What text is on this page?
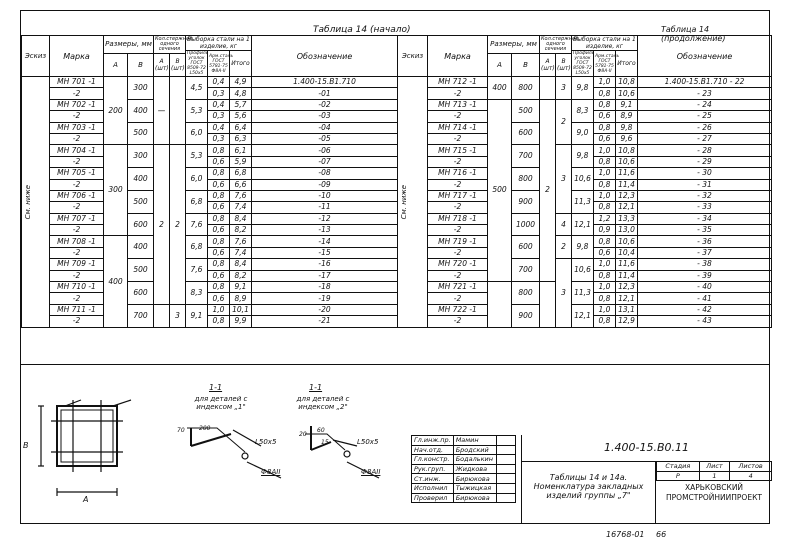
Таблица 14 (начало)	Таблица 14 (продолжение)
Эскиз	Марка	Размеры, мм		Кол.стержней одного сечения		Выборка стали на 1 изделие, кг			Обозначение
						Профиль уголок ГОСТ 8509-72 L50х5	Арм.сталь ГОСТ 5781-75 Ф8А-II	Итого	
		А	В	А (шт)	В (шт)				

См. ниже	МН 701 -1	200	300	—		4,5	0,4	4,9	1.400-15.В1.710
	-2						0,3	4,8	-01
	МН 702 -1		400			5,3	0,4	5,7	-02
	-2						0,3	5,6	-03
	МН 703 -1		500			6,0	0,4	6,4	-04
	-2						0,3	6,3	-05
	МН 704 -1	300	300	2	2	5,3	0,8	6,1	-06
	-2						0,6	5,9	-07
	МН 705 -1		400			6,0	0,8	6,8	-08
	-2						0,6	6,6	-09
	МН 706 -1		500			6,8	0,8	7,6	-10
	-2						0,6	7,4	-11
	МН 707 -1		600			7,6	0,8	8,4	-12
	-2						0,6	8,2	-13
	МН 708 -1	400	400			6,8	0,8	7,6	-14
	-2						0,6	7,4	-15
	МН 709 -1		500			7,6	0,8	8,4	-16
	-2						0,6	8,2	-17
	МН 710 -1		600			8,3	0,8	9,1	-18
	-2						0,6	8,9	-19
	МН 711 -1		700		3	9,1	1,0	10,1	-20
	-2						0,8	9,9	-21
Эскиз	Марка	Размеры, мм		Кол.стержней одного сечения		Выборка стали на 1 изделие, кг			Обозначение
						Профиль уголок ГОСТ 8509-72 L50х5	Арм.сталь ГОСТ 5781-75 Ф8А-II	Итого	
		А	В	А (шт)	В (шт)				

См. ниже	МН 712 -1	400	800		3	9,8	1,0	10,8	1.400-15.В1.710 - 22
	-2						0,8	10,6	- 23
	МН 713 -1	500	500	2	2	8,3	0,8	9,1	- 24
	-2						0,6	8,9	- 25
	МН 714 -1		600			9,0	0,8	9,8	- 26
	-2						0,6	9,6	- 27
	МН 715 -1		700		3	9,8	1,0	10,8	- 28
	-2						0,8	10,6	- 29
	МН 716 -1		800			10,6	1,0	11,6	- 30
	-2						0,8	11,4	- 31
	МН 717 -1		900			11,3	1,0	12,3	- 32
	-2						0,8	12,1	- 33
	МН 718 -1		1000		4	12,1	1,2	13,3	- 34
	-2						0,9	13,0	- 35
	МН 719 -1		600		2	9,8	0,8	10,6	- 36
	-2						0,6	10,4	- 37
	МН 720 -1		700		3	10,6	1,0	11,6	- 38
	-2						0,8	11,4	- 39
	МН 721 -1		800			11,3	1,0	12,3	- 40
	-2						0,8	12,1	- 41
	МН 722 -1		900			12,1	1,0	13,1	- 42
	-2						0,8	12,9	- 43
В
А
1-1
для деталей с индексом „1"
1-1
для деталей с индексом „2"
70 200
20
60
15
L50х5	L50х5
Ф8АII	Ф8АII
Гл.инж.пр.	Мамин	
Нач.отд.	Бродский	
Гл.констр.	Бодалькин	
Рук.груп.	Жидкова	
Ст.инж.	Бирюкова	
Исполнил	Тыжицкая	
Проверил	Бирюкова	
1.400-15.В0.11
Таблицы 14 и 14а.
Номенклатура закладных
изделий группы „7"
Стадия	Лист	Листов
Р	1	4
ХАРЬКОВСКИЙ
ПРОМСТРОЙНИИПРОЕКТ
16768-01 66
